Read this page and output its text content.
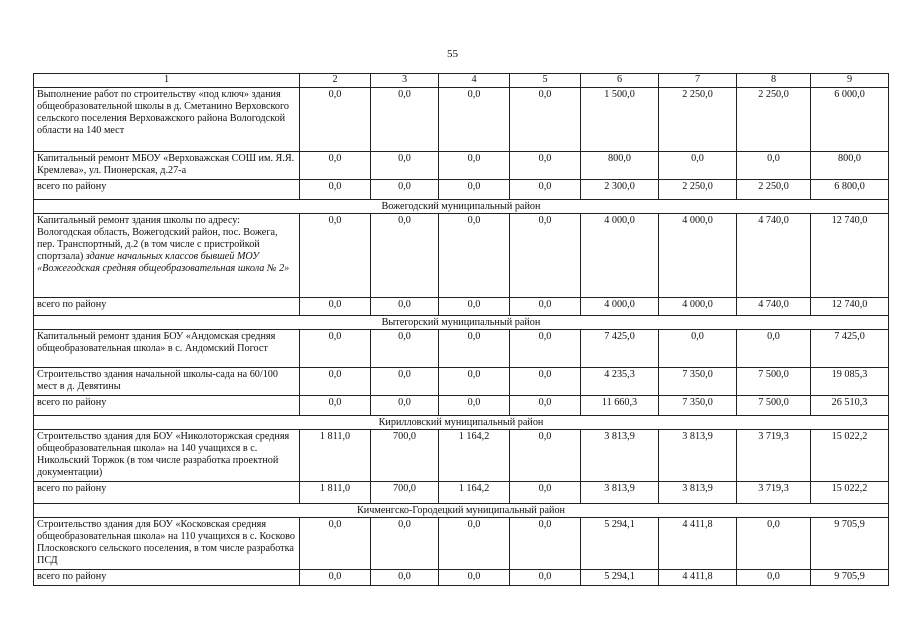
55
1	2	3	4	5	6	7	8	9
Выполнение работ по строительству «под ключ» здания общеобразовательной школы в д. Сметанино Верховского сельского поселения Верховажского района Вологодской области на 140 мест	0,0	0,0	0,0	0,0	1 500,0	2 250,0	2 250,0	6 000,0
Капитальный ремонт МБОУ «Верховажская СОШ им. Я.Я. Кремлева», ул. Пионерская, д.27-а	0,0	0,0	0,0	0,0	800,0	0,0	0,0	800,0
всего по району	0,0	0,0	0,0	0,0	2 300,0	2 250,0	2 250,0	6 800,0
Вожегодский муниципальный район								
Капитальный ремонт здания школы по адресу: Вологодская область, Вожегодский район, пос. Вожега, пер. Транспортный, д.2 (в том числе с пристройкой спортзала) здание начальных классов бывшей МОУ «Вожегодская средняя общеобразовательная школа № 2»	0,0	0,0	0,0	0,0	4 000,0	4 000,0	4 740,0	12 740,0
всего по району	0,0	0,0	0,0	0,0	4 000,0	4 000,0	4 740,0	12 740,0
Вытегорский муниципальный район								
Капитальный ремонт здания БОУ «Андомская средняя общеобразовательная школа» в с. Андомский Погост	0,0	0,0	0,0	0,0	7 425,0	0,0	0,0	7 425,0
Строительство здания начальной школы-сада на 60/100 мест в д. Девятины	0,0	0,0	0,0	0,0	4 235,3	7 350,0	7 500,0	19 085,3
всего по району	0,0	0,0	0,0	0,0	11 660,3	7 350,0	7 500,0	26 510,3
Кирилловский муниципальный район								
Строительство здания для БОУ «Николоторжская средняя общеобразовательная школа» на 140 учащихся в с. Никольский Торжок (в том числе разработка проектной документации)	1 811,0	700,0	1 164,2	0,0	3 813,9	3 813,9	3 719,3	15 022,2
всего по району	1 811,0	700,0	1 164,2	0,0	3 813,9	3 813,9	3 719,3	15 022,2
Кичменгско-Городецкий муниципальный район								
Строительство здания для БОУ «Косковская средняя общеобразовательная школа» на 110 учащихся в с. Косково Плосковского сельского поселения, в том числе разработка ПСД	0,0	0,0	0,0	0,0	5 294,1	4 411,8	0,0	9 705,9
всего по району	0,0	0,0	0,0	0,0	5 294,1	4 411,8	0,0	9 705,9
